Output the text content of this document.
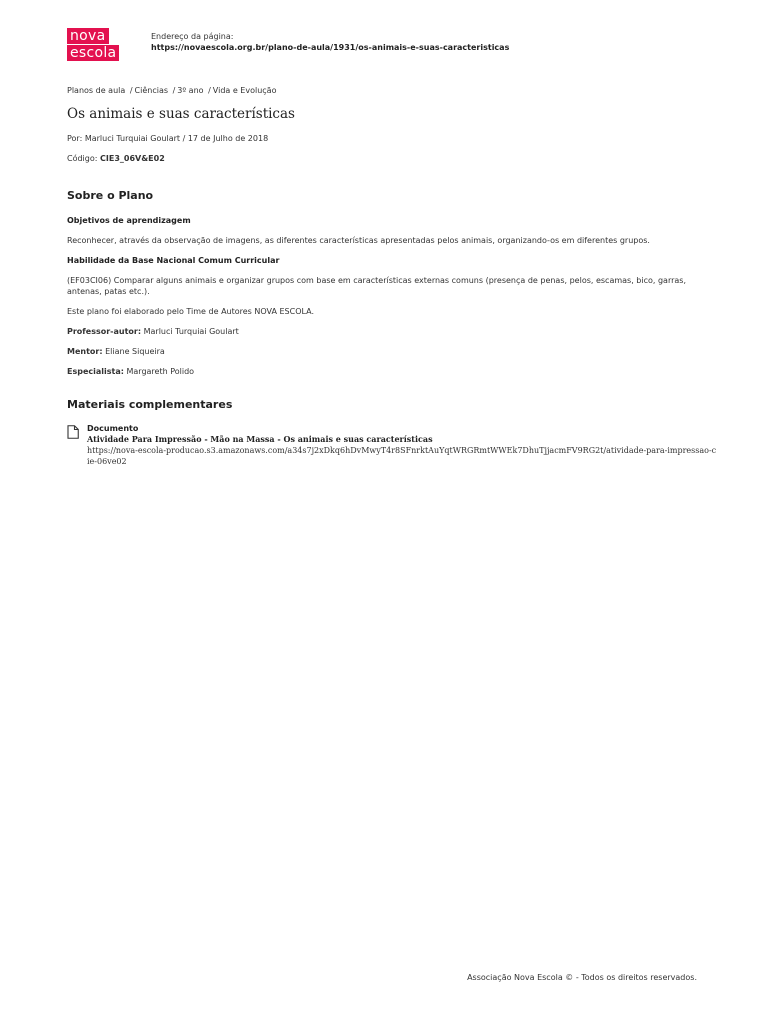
nova
escola
Endereço da página:
https://novaescola.org.br/plano-de-aula/1931/os-animais-e-suas-caracteristicas

Planos de aula / Ciências / 3º ano / Vida e Evolução

Os animais e suas características

Por: Marluci Turquiai Goulart / 17 de Julho de 2018

Código: CIE3_06V&E02

Sobre o Plano

Objetivos de aprendizagem

Reconhecer, através da observação de imagens, as diferentes características apresentadas pelos animais, organizando-os em diferentes grupos.

Habilidade da Base Nacional Comum Curricular

(EF03CI06) Comparar alguns animais e organizar grupos com base em características externas comuns (presença de penas, pelos, escamas, bico, garras, antenas, patas etc.).

Este plano foi elaborado pelo Time de Autores NOVA ESCOLA.

Professor-autor: Marluci Turquiai Goulart

Mentor: Eliane Siqueira

Especialista: Margareth Polido

Materiais complementares
Documento
Atividade Para Impressão - Mão na Massa - Os animais e suas características
https://nova-escola-producao.s3.amazonaws.com/a34s7j2xDkq6hDvMwyT4r8SFnrktAuYqtWRGRmtWWEk7DhuTjjacmFV9RG2t/atividade-para-impressao-cie-06ve02
Associação Nova Escola © - Todos os direitos reservados.
